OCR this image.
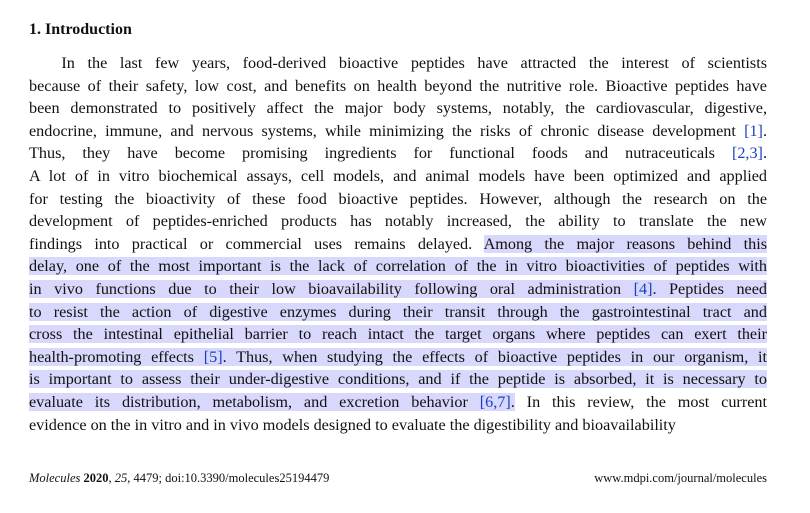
1. Introduction
  In the last few years, food-derived bioactive peptides have attracted the interest of scientists
because of their safety, low cost, and benefits on health beyond the nutritive role. Bioactive peptides have
been demonstrated to positively affect the major body systems, notably, the cardiovascular, digestive,
endocrine, immune, and nervous systems, while minimizing the risks of chronic disease development [1].
Thus, they have become promising ingredients for functional foods and nutraceuticals [2,3].
A lot of in vitro biochemical assays, cell models, and animal models have been optimized and applied
for testing the bioactivity of these food bioactive peptides. However, although the research on the
development of peptides-enriched products has notably increased, the ability to translate the new
findings into practical or commercial uses remains delayed. Among the major reasons behind this
delay, one of the most important is the lack of correlation of the in vitro bioactivities of peptides with
in vivo functions due to their low bioavailability following oral administration [4]. Peptides need
to resist the action of digestive enzymes during their transit through the gastrointestinal tract and
cross the intestinal epithelial barrier to reach intact the target organs where peptides can exert their
health-promoting effects [5]. Thus, when studying the effects of bioactive peptides in our organism, it
is important to assess their under-digestive conditions, and if the peptide is absorbed, it is necessary to
evaluate its distribution, metabolism, and excretion behavior [6,7]. In this review, the most current
evidence on the in vitro and in vivo models designed to evaluate the digestibility and bioavailability
Molecules 2020, 25, 4479; doi:10.3390/molecules25194479	www.mdpi.com/journal/molecules
